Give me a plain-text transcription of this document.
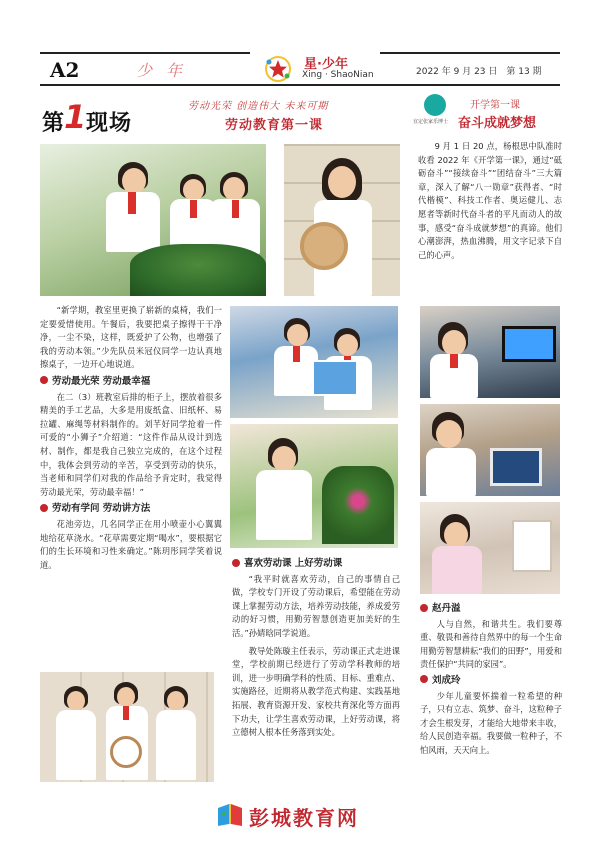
A2	少年	星·少年
Xing · ShaoNian	2022 年 9 月 23 日　第 13 期
第 1 现场
劳动光荣 创造伟大 未来可期
劳动教育第一课	宜定张家乐博士
开学第一课
奋斗成就梦想

9 月 1 日 20 点，杨根思中队准时收看 2022 年《开学第一课》，通过“砥砺奋斗”“接续奋斗”“团结奋斗”三大篇章，深入了解“八一勋章”获得者、“时代楷模”、科技工作者、奥运健儿、志愿者等新时代奋斗者的平凡而动人的故事，感受“奋斗成就梦想”的真谛。他们心潮澎湃，热血沸腾，用文字记录下自己的心声。

赵丹溢

人与自然，和谐共生。我们要尊重、敬畏和善待自然界中的每一个生命用勤劳智慧耕耘“我们的田野”，用爱和责任保护“共同的家园”。

刘成玲

少年儿童要怀揣着一粒希望的种子，只有立志、筑梦、奋斗，这粒种子才会生根发芽，才能给大地带来丰收，给人民创造幸福。我要做一粒种子，不怕风雨，天天向上。

“新学期，教室里更换了崭新的桌椅，我们一定要爱惜使用。午餐后，我要把桌子擦得干干净净，一尘不染，这样，既爱护了公物，也增强了我的劳动本领。”少先队员米冠仪同学一边认真地擦桌子，一边开心地说道。

劳动最光荣 劳动最幸福

在二（3）班教室后排的柜子上，摆放着很多精美的手工艺品，大多是用废纸盒、旧纸杯、易拉罐、麻绳等材料制作的。刘芊好同学抢着一件可爱的“小狮子”介绍道：“这件作品从设计到选材、制作，都是我自己独立完成的，在这个过程中，我体会到劳动的辛苦，享受到劳动的快乐，当老师和同学们对我的作品给予肯定时，我觉得劳动最光荣，劳动最幸福！”

劳动有学问 劳动讲方法

花池旁边，几名同学正在用小喷壶小心翼翼地给花草浇水。“花草需要定期“喝水”，要根据它们的生长环境和习性来确定。”陈玥彤同学笑着说道。	喜欢劳动课 上好劳动课

“我平时就喜欢劳动，自己的事情自己做，学校专门开设了劳动课后，希望能在劳动课上掌握劳动方法，培养劳动技能，养成爱劳动的好习惯，用勤劳智慧创造更加美好的生活。”孙婧晗同学说道。

教导处陈璇主任表示，劳动课正式走进课堂，学校前期已经进行了劳动学科教师的培训，进一步明确学科的性质、目标、重难点、实施路径，近期将从教学范式构建、实践基地拓展、教育资源开发、家校共育深化等方面再下功夫，让学生喜欢劳动课，上好劳动课，将立德树人根本任务落到实处。

彭城教育网
